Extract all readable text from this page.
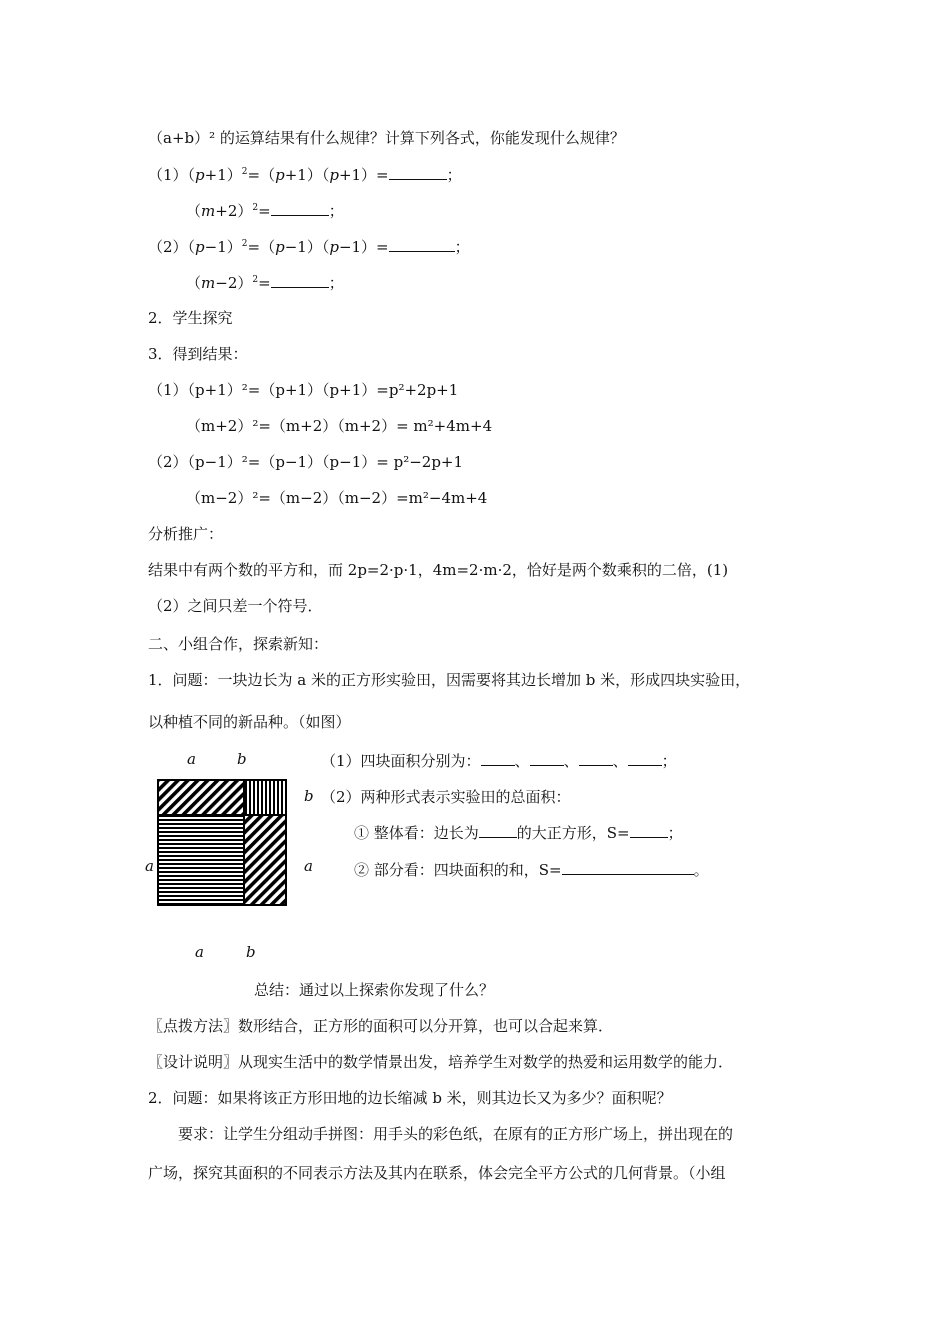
（a+b）² 的运算结果有什么规律？计算下列各式，你能发现什么规律？
$(1)(p+1)^2=(p+1)(p+1)=$	；
$(m+2)^2=$	；
$(2)(p-1)^2=(p-1)(p-1)=$	；
$(m-2)^2=$	；
2．学生探究
3．得到结果：
（1）（p+1）²=（p+1）（p+1）=p²+2p+1
（m+2）²=（m+2）（m+2）= m²+4m+4
（2）（p−1）²=（p−1）（p−1）= p²−2p+1
（m−2）²=（m−2）（m−2）=m²−4m+4
分析推广：
结果中有两个数的平方和，而 2p=2·p·1，4m=2·m·2，恰好是两个数乘积的二倍，(1)
（2）之间只差一个符号．
二、小组合作，探索新知：
1．问题：一块边长为 a 米的正方形实验田，因需要将其边长增加 b 米，形成四块实验田，
以种植不同的新品种。（如图）
a	b
b
a	a
a	b
（1）四块面积分别为： 、 、 、 ；
（2）两种形式表示实验田的总面积：
① 整体看：边长为	的大正方形，S=	；
② 部分看：四块面积的和，S=	。
总结：通过以上探索你发现了什么？
〖点拨方法〗数形结合，正方形的面积可以分开算，也可以合起来算．
〖设计说明〗从现实生活中的数学情景出发，培养学生对数学的热爱和运用数学的能力．
2．问题：如果将该正方形田地的边长缩减 b 米，则其边长又为多少？面积呢？
要求：让学生分组动手拼图：用手头的彩色纸，在原有的正方形广场上，拼出现在的
广场，探究其面积的不同表示方法及其内在联系，体会完全平方公式的几何背景。（小组
